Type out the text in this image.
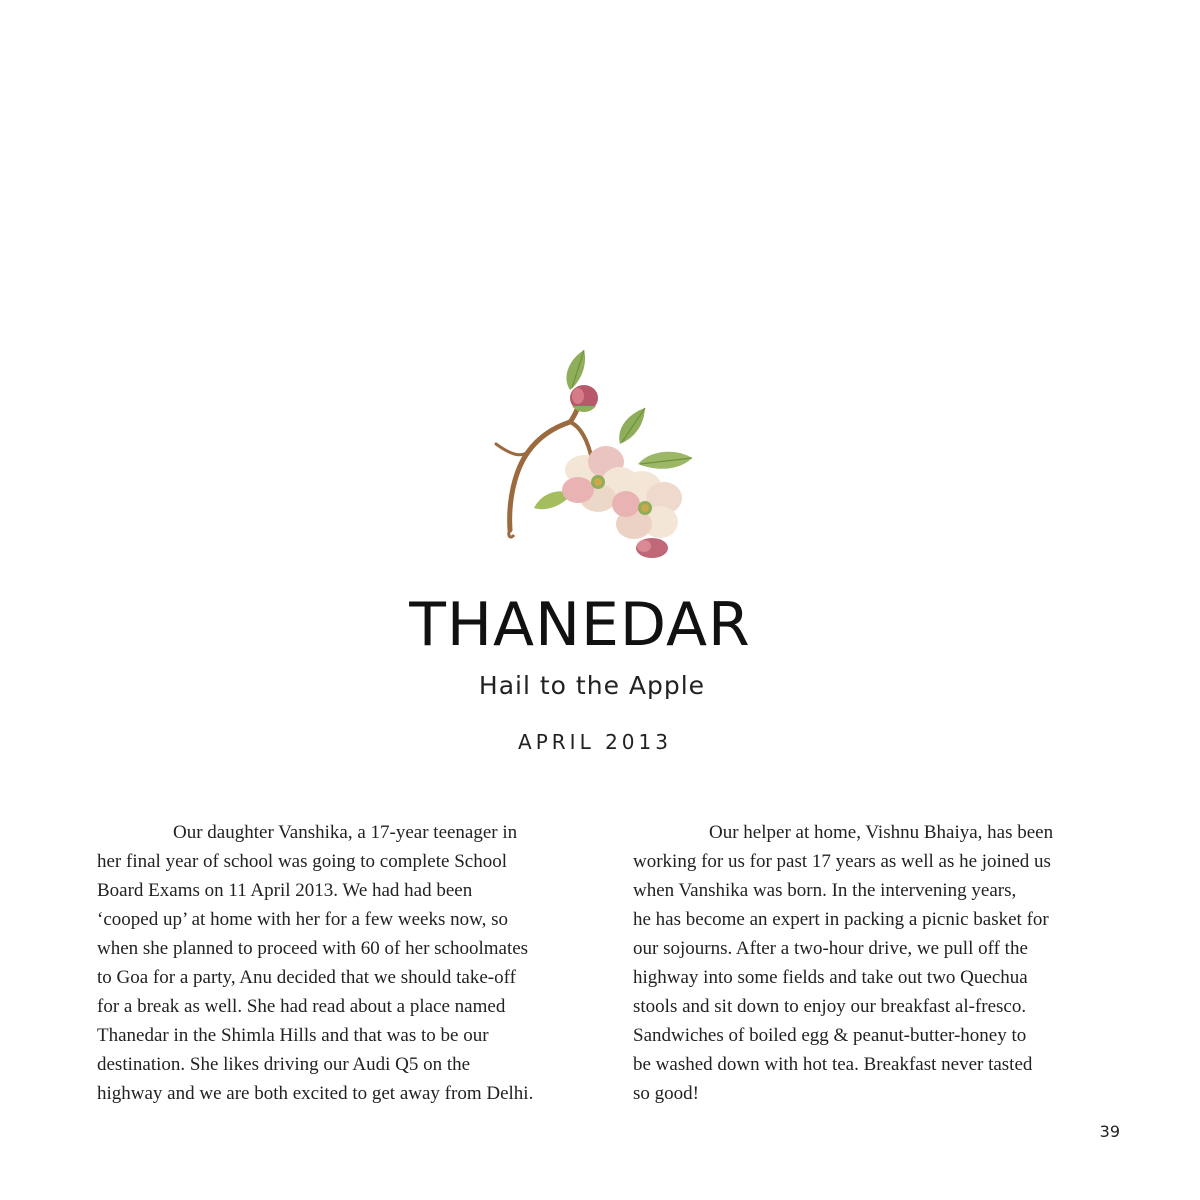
THANEDAR
Hail to the Apple
APRIL 2013

Our daughter Vanshika, a 17-year teenager in
her final year of school was going to complete School
Board Exams on 11 April 2013. We had had been
‘cooped up’ at home with her for a few weeks now, so
when she planned to proceed with 60 of her schoolmates
to Goa for a party, Anu decided that we should take-off
for a break as well. She had read about a place named
Thanedar in the Shimla Hills and that was to be our
destination. She likes driving our Audi Q5 on the
highway and we are both excited to get away from Delhi.

Our helper at home, Vishnu Bhaiya, has been
working for us for past 17 years as well as he joined us
when Vanshika was born. In the intervening years,
he has become an expert in packing a picnic basket for
our sojourns. After a two-hour drive, we pull off the
highway into some fields and take out two Quechua
stools and sit down to enjoy our breakfast al-fresco.
Sandwiches of boiled egg & peanut-butter-honey to
be washed down with hot tea. Breakfast never tasted
so good!

39
